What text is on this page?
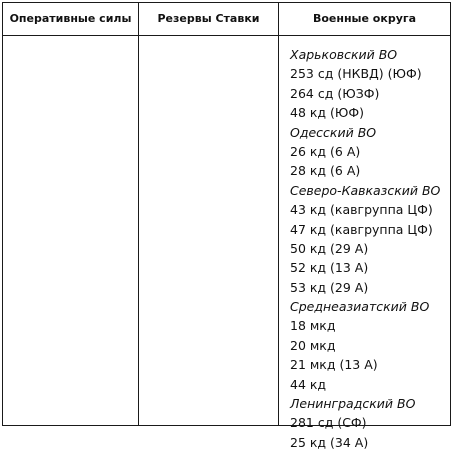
Оперативные силы	Резервы Ставки	Военные округа
Харьковский ВО
253 сд (НКВД) (ЮФ)
264 сд (ЮЗФ)
48 кд (ЮФ)
Одесский ВО
26 кд (6 А)
28 кд (6 А)
Северо-Кавказский ВО
43 кд (кавгруппа ЦФ)
47 кд (кавгруппа ЦФ)
50 кд (29 А)
52 кд (13 А)
53 кд (29 А)
Среднеазиатский ВО
18 мкд
20 мкд
21 мкд (13 А)
44 кд
Ленинградский ВО
281 сд (СФ)
25 кд (34 А)
